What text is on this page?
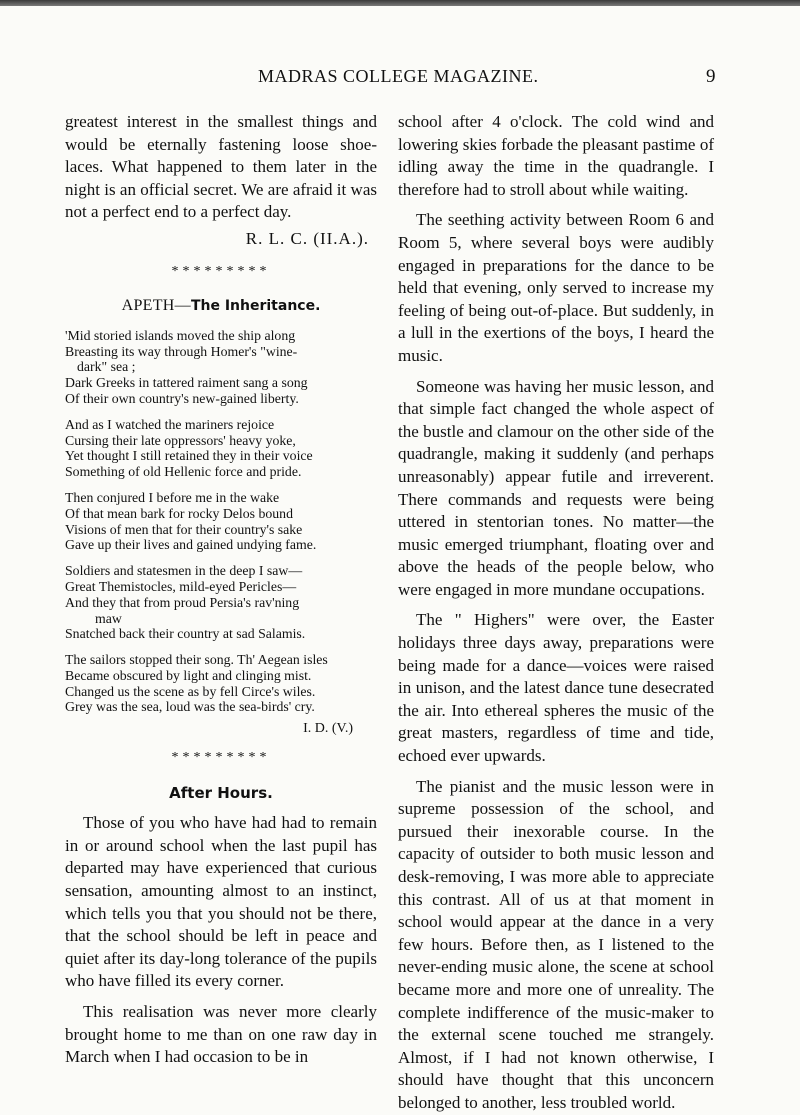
MADRAS COLLEGE MAGAZINE.	9

greatest interest in the smallest things and would be eternally fastening loose shoe-laces. What happened to them later in the night is an official secret. We are afraid it was not a perfect end to a perfect day.

R. L. C. (II.A.).
*********
ΑΡΕΤΗ—The Inheritance.
'Mid storied islands moved the ship along
Breasting its way through Homer's "wine-
dark" sea ;
Dark Greeks in tattered raiment sang a song
Of their own country's new-gained liberty.
And as I watched the mariners rejoice
Cursing their late oppressors' heavy yoke,
Yet thought I still retained they in their voice
Something of old Hellenic force and pride.
Then conjured I before me in the wake
Of that mean bark for rocky Delos bound
Visions of men that for their country's sake
Gave up their lives and gained undying fame.
Soldiers and statesmen in the deep I saw—
Great Themistocles, mild-eyed Pericles—
And they that from proud Persia's rav'ning
maw
Snatched back their country at sad Salamis.
The sailors stopped their song. Th' Aegean isles
Became obscured by light and clinging mist.
Changed us the scene as by fell Circe's wiles.
Grey was the sea, loud was the sea-birds' cry.
I. D. (V.)
*********
After Hours.

Those of you who have had had to remain in or around school when the last pupil has departed may have experienced that curious sensation, amounting almost to an instinct, which tells you that you should not be there, that the school should be left in peace and quiet after its day-long tolerance of the pupils who have filled its every corner.

This realisation was never more clearly brought home to me than on one raw day in March when I had occasion to be in

school after 4 o'clock. The cold wind and lowering skies forbade the pleasant pastime of idling away the time in the quadrangle. I therefore had to stroll about while waiting.

The seething activity between Room 6 and Room 5, where several boys were audibly engaged in preparations for the dance to be held that evening, only served to increase my feeling of being out-of-place. But suddenly, in a lull in the exertions of the boys, I heard the music.

Someone was having her music lesson, and that simple fact changed the whole aspect of the bustle and clamour on the other side of the quadrangle, making it suddenly (and perhaps unreasonably) appear futile and irreverent. There commands and requests were being uttered in stentorian tones. No matter—the music emerged triumphant, floating over and above the heads of the people below, who were engaged in more mundane occupations.

The " Highers" were over, the Easter holidays three days away, preparations were being made for a dance—voices were raised in unison, and the latest dance tune desecrated the air. Into ethereal spheres the music of the great masters, regardless of time and tide, echoed ever upwards.

The pianist and the music lesson were in supreme possession of the school, and pursued their inexorable course. In the capacity of outsider to both music lesson and desk-removing, I was more able to appreciate this contrast. All of us at that moment in school would appear at the dance in a very few hours. Before then, as I listened to the never-ending music alone, the scene at school became more and more one of unreality. The complete indifference of the music-maker to the external scene touched me strangely. Almost, if I had not known otherwise, I should have thought that this unconcern belonged to another, less troubled world.
